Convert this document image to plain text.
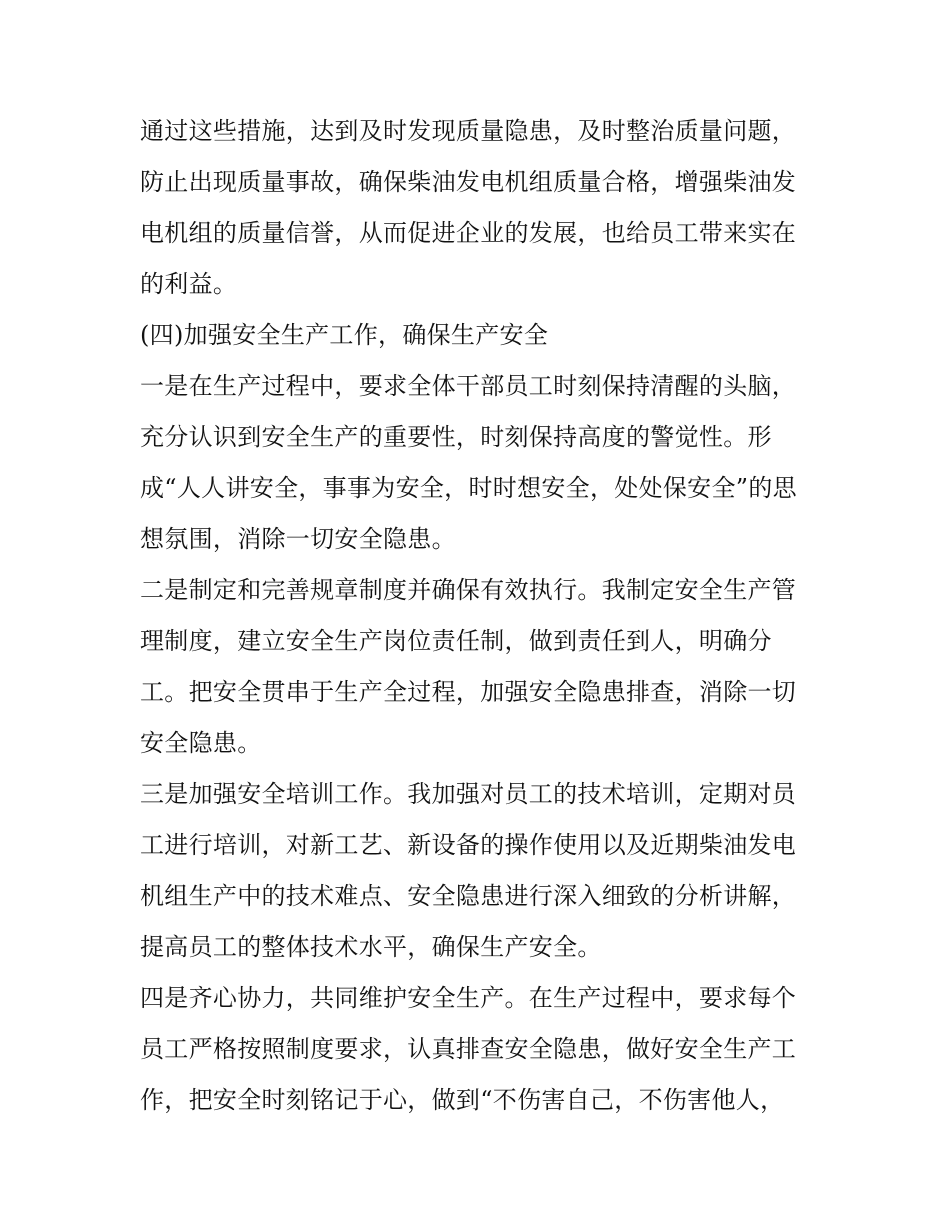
通过这些措施，达到及时发现质量隐患，及时整治质量问题，
防止出现质量事故，确保柴油发电机组质量合格，增强柴油发
电机组的质量信誉，从而促进企业的发展，也给员工带来实在
的利益。
(四)加强安全生产工作，确保生产安全
一是在生产过程中，要求全体干部员工时刻保持清醒的头脑，
充分认识到安全生产的重要性，时刻保持高度的警觉性。形
成“人人讲安全，事事为安全，时时想安全，处处保安全”的思
想氛围，消除一切安全隐患。
二是制定和完善规章制度并确保有效执行。我制定安全生产管
理制度，建立安全生产岗位责任制，做到责任到人，明确分
工。把安全贯串于生产全过程，加强安全隐患排查，消除一切
安全隐患。
三是加强安全培训工作。我加强对员工的技术培训，定期对员
工进行培训，对新工艺、新设备的操作使用以及近期柴油发电
机组生产中的技术难点、安全隐患进行深入细致的分析讲解，
提高员工的整体技术水平，确保生产安全。
四是齐心协力，共同维护安全生产。在生产过程中，要求每个
员工严格按照制度要求，认真排查安全隐患，做好安全生产工
作，把安全时刻铭记于心，做到“不伤害自己，不伤害他人，
